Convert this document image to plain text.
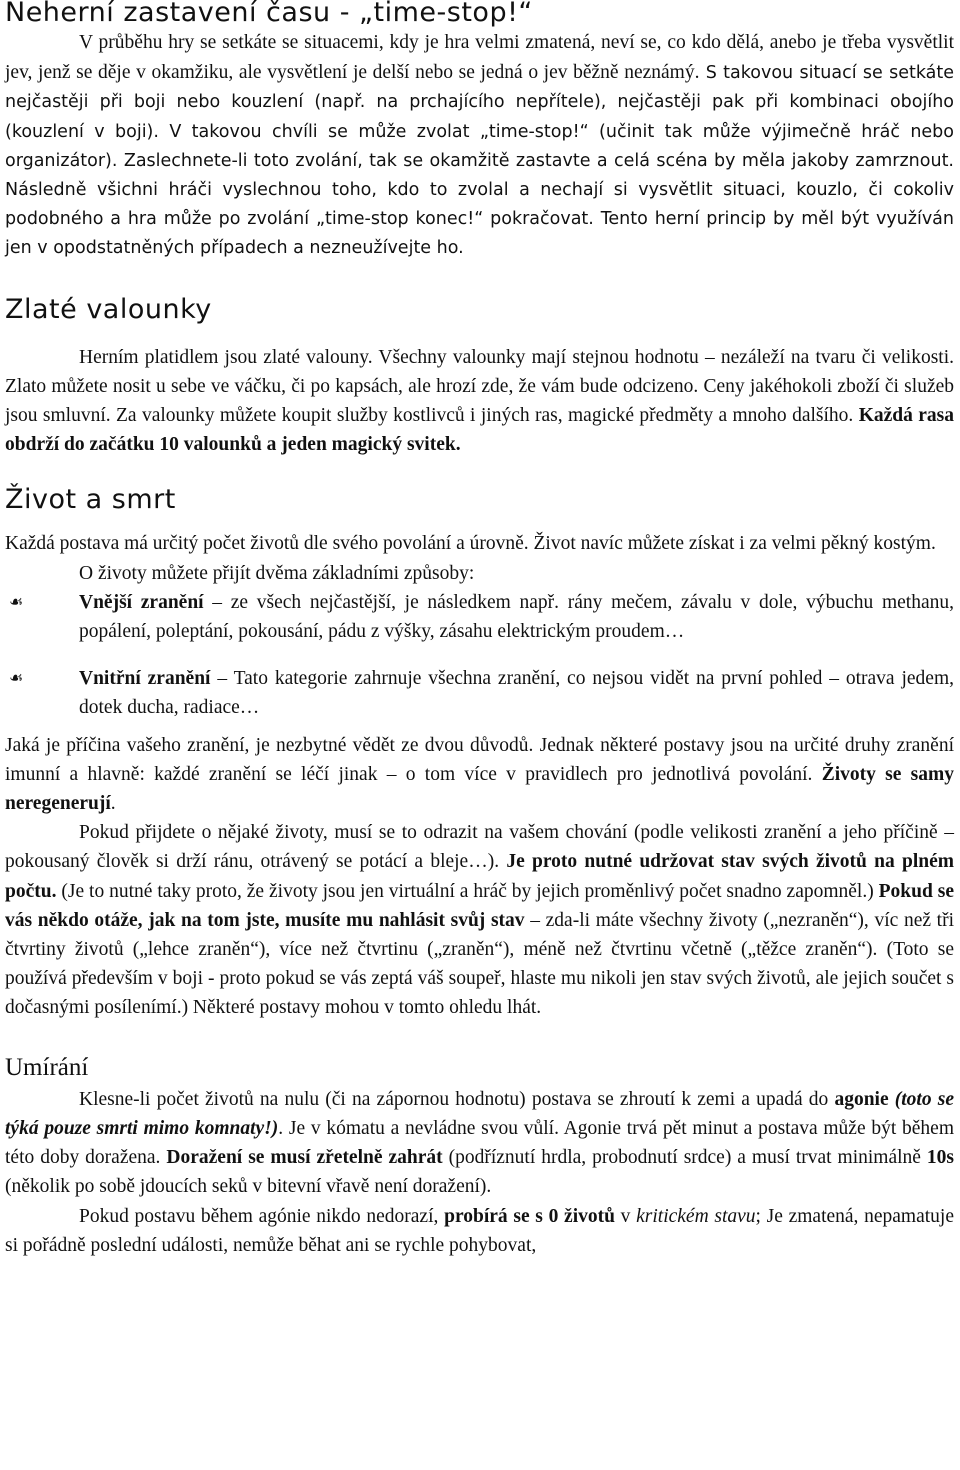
Neherní zastavení času - „time-stop!“

V průběhu hry se setkáte se situacemi, kdy je hra velmi zmatená, neví se, co kdo dělá, anebo je třeba vysvětlit jev, jenž se děje v okamžiku, ale vysvětlení je delší nebo se jedná o jev běžně neznámý. S takovou situací se setkáte nejčastěji při boji nebo kouzlení (např. na prchajícího nepřítele), nejčastěji pak při kombinaci obojího (kouzlení v boji). V takovou chvíli se může zvolat „time-stop!“ (učinit tak může výjimečně hráč nebo organizátor). Zaslechnete-li toto zvolání, tak se okamžitě zastavte a celá scéna by měla jakoby zamrznout. Následně všichni hráči vyslechnou toho, kdo to zvolal a nechají si vysvětlit situaci, kouzlo, či cokoliv podobného a hra může po zvolání „time-stop konec!“ pokračovat. Tento herní princip by měl být využíván jen v opodstatněných případech a nezneužívejte ho.

Zlaté valounky

Herním platidlem jsou zlaté valouny. Všechny valounky mají stejnou hodnotu – nezáleží na tvaru či velikosti. Zlato můžete nosit u sebe ve váčku, či po kapsách, ale hrozí zde, že vám bude odcizeno. Ceny jakéhokoli zboží či služeb jsou smluvní. Za valounky můžete koupit služby kostlivců i jiných ras, magické předměty a mnoho dalšího. Každá rasa obdrží do začátku 10 valounků a jeden magický svitek.

Život a smrt

Každá postava má určitý počet životů dle svého povolání a úrovně. Život navíc můžete získat i za velmi pěkný kostým.

O životy můžete přijít dvěma základními způsoby:

☙	Vnější zranění – ze všech nejčastější, je následkem např. rány mečem, závalu v dole, výbuchu methanu, popálení, poleptání, pokousání, pádu z výšky, zásahu elektrickým proudem…
☙	Vnitřní zranění – Tato kategorie zahrnuje všechna zranění, co nejsou vidět na první pohled – otrava jedem, dotek ducha, radiace…

Jaká je příčina vašeho zranění, je nezbytné vědět ze dvou důvodů. Jednak některé postavy jsou na určité druhy zranění imunní a hlavně: každé zranění se léčí jinak – o tom více v pravidlech pro jednotlivá povolání. Životy se samy neregenerují.

Pokud přijdete o nějaké životy, musí se to odrazit na vašem chování (podle velikosti zranění a jeho příčině – pokousaný člověk si drží ránu, otrávený se potácí a bleje…). Je proto nutné udržovat stav svých životů na plném počtu. (Je to nutné taky proto, že životy jsou jen virtuální a hráč by jejich proměnlivý počet snadno zapomněl.) Pokud se vás někdo otáže, jak na tom jste, musíte mu nahlásit svůj stav – zda-li máte všechny životy („nezraněn“), víc než tři čtvrtiny životů („lehce zraněn“), více než čtvrtinu („zraněn“), méně než čtvrtinu včetně („těžce zraněn“). (Toto se používá především v boji - proto pokud se vás zeptá váš soupeř, hlaste mu nikoli jen stav svých životů, ale jejich součet s dočasnými posílenímí.) Některé postavy mohou v tomto ohledu lhát.

Umírání

Klesne-li počet životů na nulu (či na zápornou hodnotu) postava se zhroutí k zemi a upadá do agonie (toto se týká pouze smrti mimo komnaty!). Je v kómatu a nevládne svou vůlí. Agonie trvá pět minut a postava může být během této doby doražena. Doražení se musí zřetelně zahrát (podříznutí hrdla, probodnutí srdce) a musí trvat minimálně 10s (několik po sobě jdoucích seků v bitevní vřavě není doražení).

Pokud postavu během agónie nikdo nedorazí, probírá se s 0 životů v kritickém stavu; Je zmatená, nepamatuje si pořádně poslední události, nemůže běhat ani se rychle pohybovat,
